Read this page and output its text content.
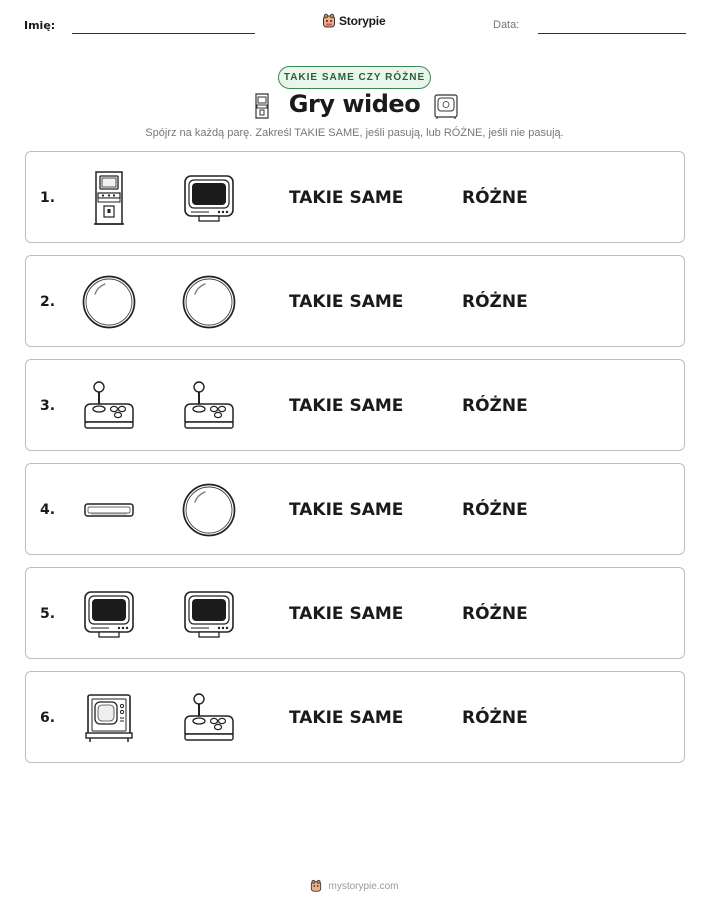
Imię:	Storypie	Data:
TAKIE SAME CZY RÓŻNE
Gry wideo
Spójrz na każdą parę. Zakreśl TAKIE SAME, jeśli pasują, lub RÓŻNE, jeśli nie pasują.
1.	TAKIE SAME	RÓŻNE
2.	TAKIE SAME	RÓŻNE
3.	TAKIE SAME	RÓŻNE
4.	TAKIE SAME	RÓŻNE
5.	TAKIE SAME	RÓŻNE
6.	TAKIE SAME	RÓŻNE
mystorypie.com
